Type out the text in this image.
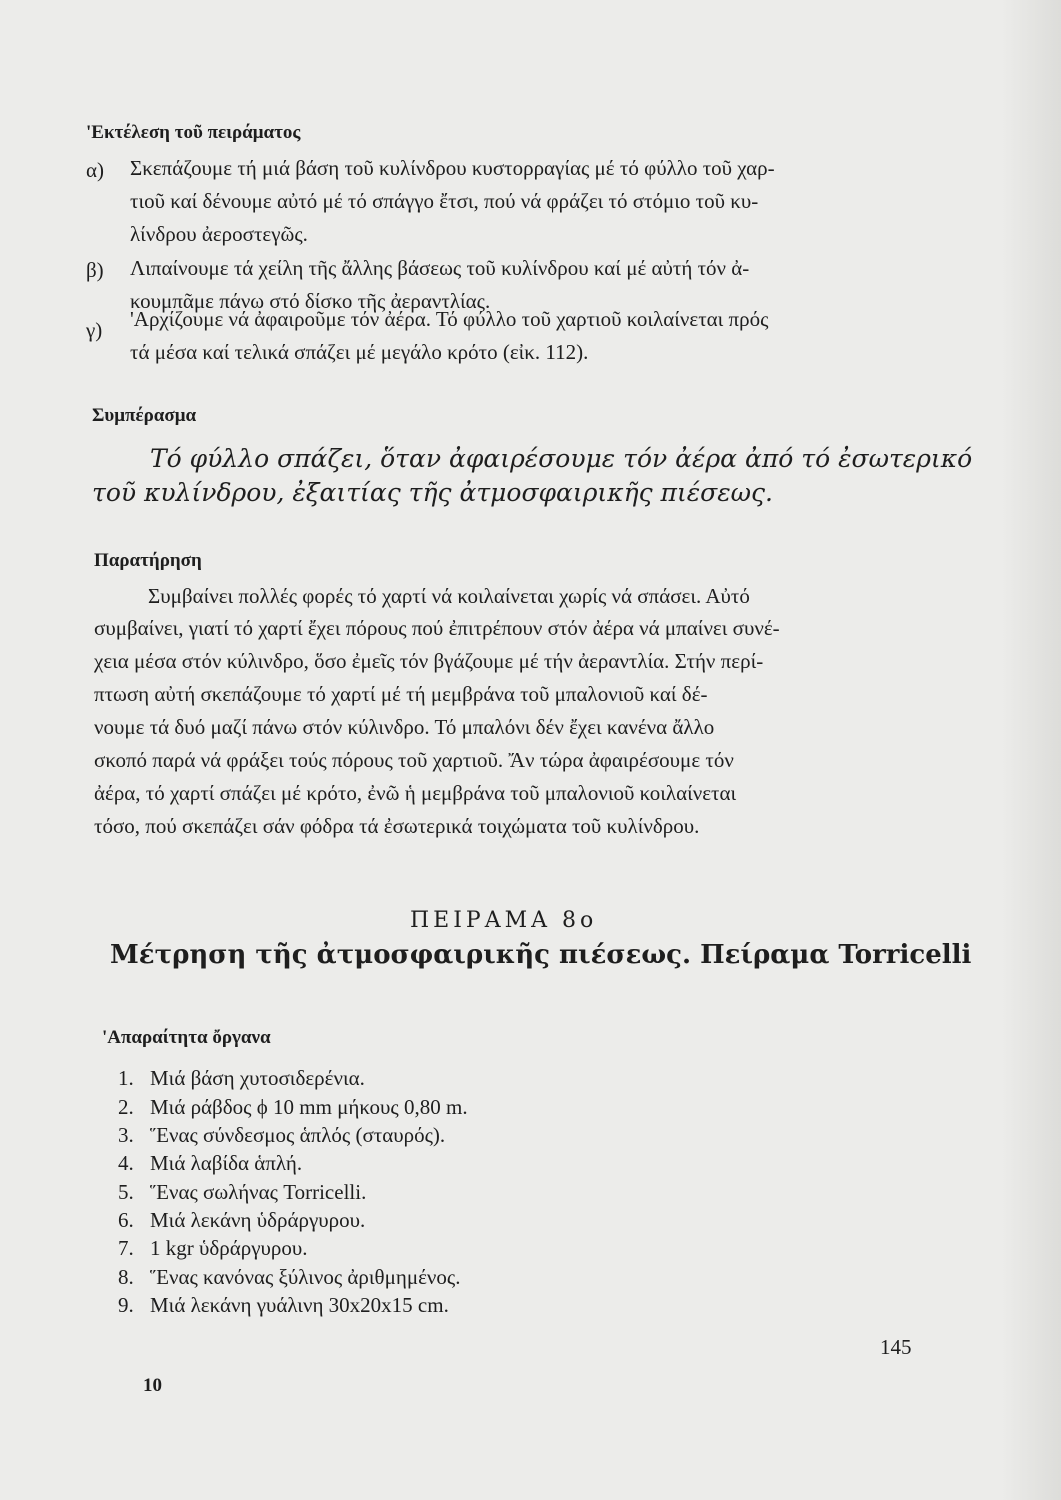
'Εκτέλεση τοῦ πειράματος
α) Σκεπάζουμε τή μιά βάση τοῦ κυλίνδρου κυστορραγίας μέ τό φύλλο τοῦ χαρ-
τιοῦ καί δένουμε αὐτό μέ τό σπάγγο ἔτσι, πού νά φράζει τό στόμιο τοῦ κυ-
λίνδρου ἀεροστεγῶς.
β) Λιπαίνουμε τά χείλη τῆς ἄλλης βάσεως τοῦ κυλίνδρου καί μέ αὐτή τόν ἀ-
κουμπᾶμε πάνω στό δίσκο τῆς ἀεραντλίας.
γ) 'Αρχίζουμε νά ἀφαιροῦμε τόν ἀέρα. Τό φύλλο τοῦ χαρτιοῦ κοιλαίνεται πρός
τά μέσα καί τελικά σπάζει μέ μεγάλο κρότο (εἰκ. 112).
Συμπέρασμα
Τό φύλλο σπάζει, ὅταν ἀφαιρέσουμε τόν ἀέρα ἀπό τό ἐσωτερικό
τοῦ κυλίνδρου, ἐξαιτίας τῆς ἀτμοσφαιρικῆς πιέσεως.
Παρατήρηση
Συμβαίνει πολλές φορές τό χαρτί νά κοιλαίνεται χωρίς νά σπάσει. Αὐτό
συμβαίνει, γιατί τό χαρτί ἔχει πόρους πού ἐπιτρέπουν στόν ἀέρα νά μπαίνει συνέ-
χεια μέσα στόν κύλινδρο, ὅσο ἐμεῖς τόν βγάζουμε μέ τήν ἀεραντλία. Στήν περί-
πτωση αὐτή σκεπάζουμε τό χαρτί μέ τή μεμβράνα τοῦ μπαλονιοῦ καί δέ-
νουμε τά δυό μαζί πάνω στόν κύλινδρο. Τό μπαλόνι δέν ἔχει κανένα ἄλλο
σκοπό παρά νά φράξει τούς πόρους τοῦ χαρτιοῦ. Ἄν τώρα ἀφαιρέσουμε τόν
ἀέρα, τό χαρτί σπάζει μέ κρότο, ἐνῶ ἡ μεμβράνα τοῦ μπαλονιοῦ κοιλαίνεται
τόσο, πού σκεπάζει σάν φόδρα τά ἐσωτερικά τοιχώματα τοῦ κυλίνδρου.
ΠΕΙΡΑΜΑ 8ο
Μέτρηση τῆς ἀτμοσφαιρικῆς πιέσεως. Πείραμα Torricelli
'Απαραίτητα ὄργανα
1. Μιά βάση χυτοσιδερένια.
2. Μιά ράβδος ϕ 10 mm μήκους 0,80 m.
3. Ἕνας σύνδεσμος ἁπλός (σταυρός).
4. Μιά λαβίδα ἁπλή.
5. Ἕνας σωλήνας Torricelli.
6. Μιά λεκάνη ὑδράργυρου.
7. 1 kgr ὑδράργυρου.
8. Ἕνας κανόνας ξύλινος ἀριθμημένος.
9. Μιά λεκάνη γυάλινη 30x20x15 cm.
145
10
